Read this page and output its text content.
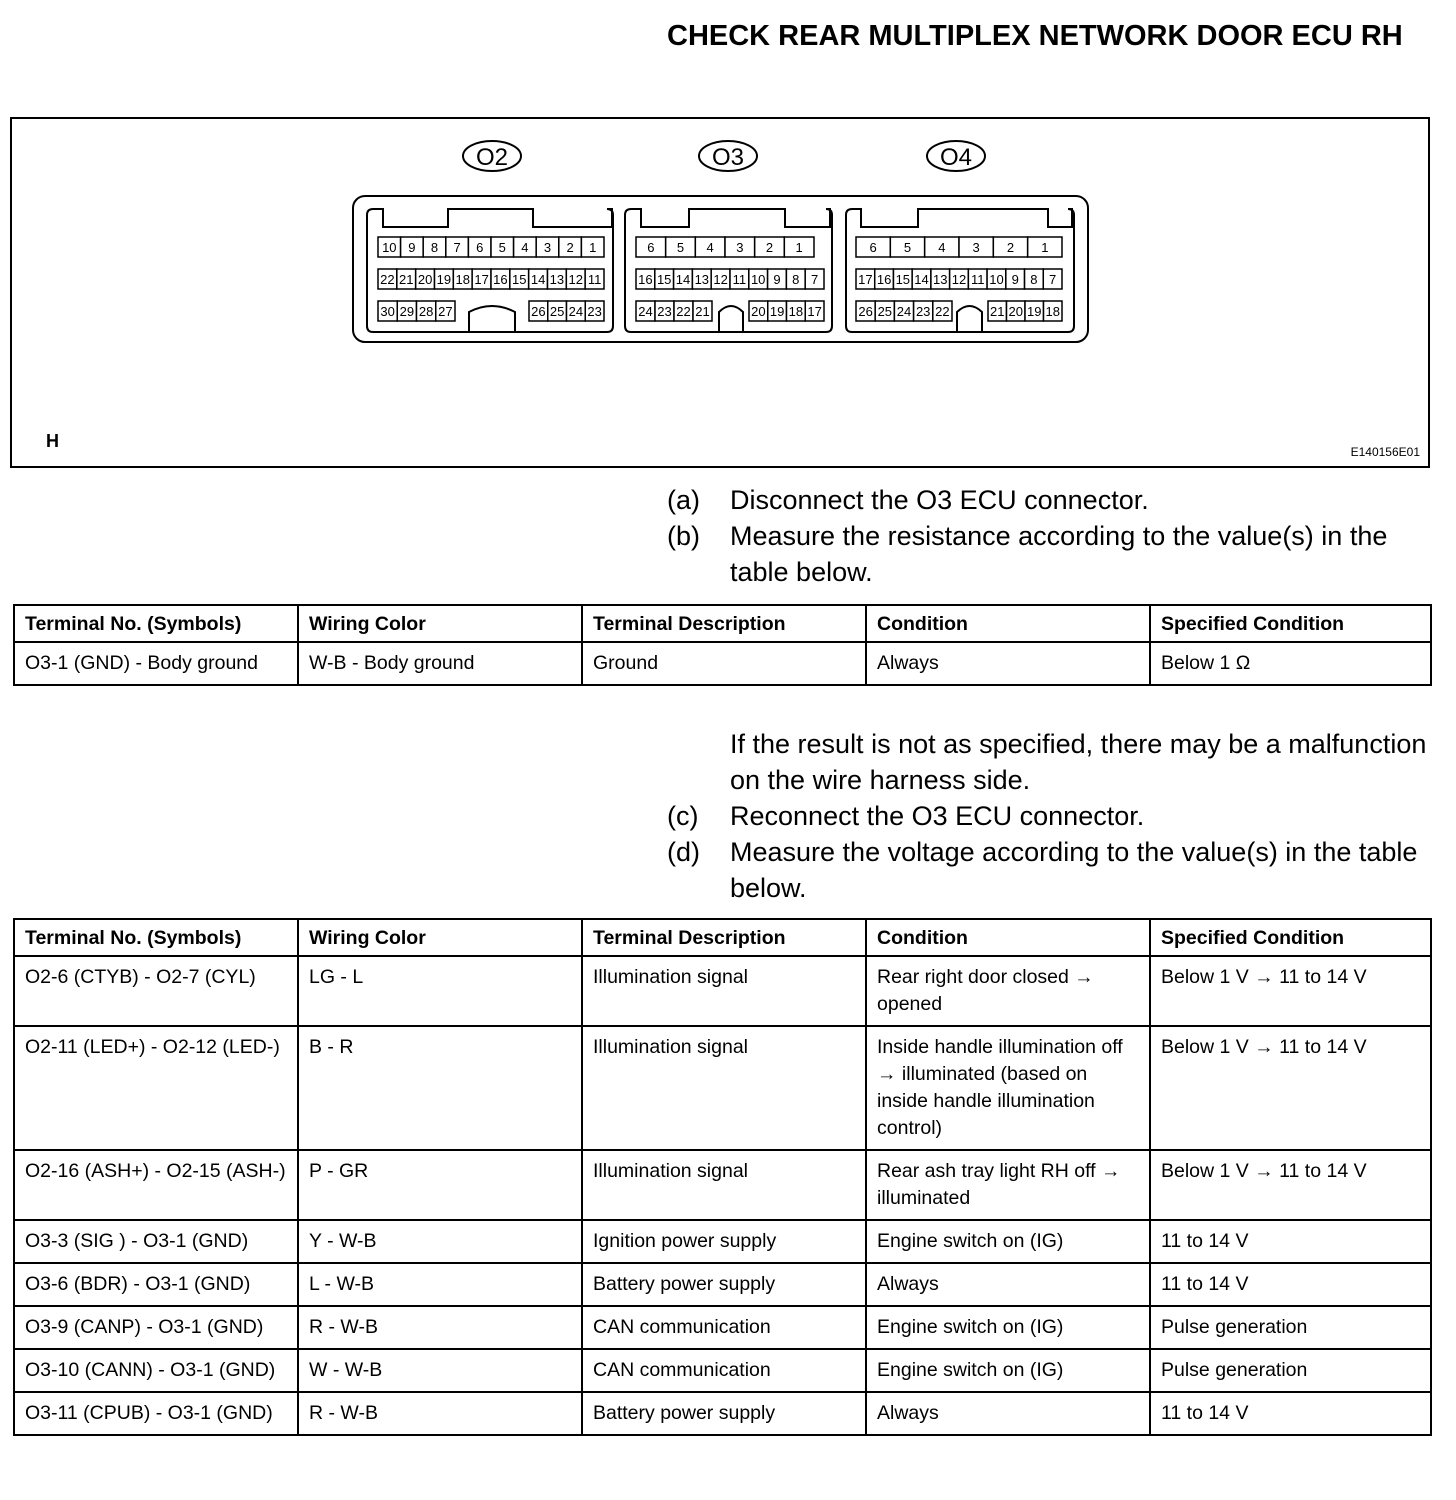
CHECK REAR MULTIPLEX NETWORK DOOR ECU RH
O2
10 9 8 7 6 5 4 3 2 1
22 21 20 19 18 17 16 15 14 13 12 11
30 29 28 27	26 25 24 23
O3
6 5 4 3 2 1
16 15 14 13 12 11 10 9 8 7
24 23 22 21	20 19 18 17
O4
6 5 4 3 2 1
17 16 15 14 13 12 11 10 9 8 7
26 25 24 23 22	21 20 19 18
H
E140156E01
(a)	Disconnect the O3 ECU connector.
(b)	Measure the resistance according to the value(s) in the table below.
Terminal No. (Symbols)	Wiring Color	Terminal Description	Condition	Specified Condition
O3-1 (GND) - Body ground	W-B - Body ground	Ground	Always	Below 1 Ω
If the result is not as specified, there may be a malfunction on the wire harness side.
(c)	Reconnect the O3 ECU connector.
(d)	Measure the voltage according to the value(s) in the table below.
Terminal No. (Symbols)	Wiring Color	Terminal Description	Condition	Specified Condition
O2-6 (CTYB) - O2-7 (CYL)	LG - L	Illumination signal	Rear right door closed → opened	Below 1 V → 11 to 14 V
O2-11 (LED+) - O2-12 (LED-)	B - R	Illumination signal	Inside handle illumination off → illuminated (based on inside handle illumination control)	Below 1 V → 11 to 14 V
O2-16 (ASH+) - O2-15 (ASH-)	P - GR	Illumination signal	Rear ash tray light RH off → illuminated	Below 1 V → 11 to 14 V
O3-3 (SIG ) - O3-1 (GND)	Y - W-B	Ignition power supply	Engine switch on (IG)	11 to 14 V
O3-6 (BDR) - O3-1 (GND)	L - W-B	Battery power supply	Always	11 to 14 V
O3-9 (CANP) - O3-1 (GND)	R - W-B	CAN communication	Engine switch on (IG)	Pulse generation
O3-10 (CANN) - O3-1 (GND)	W - W-B	CAN communication	Engine switch on (IG)	Pulse generation
O3-11 (CPUB) - O3-1 (GND)	R - W-B	Battery power supply	Always	11 to 14 V
